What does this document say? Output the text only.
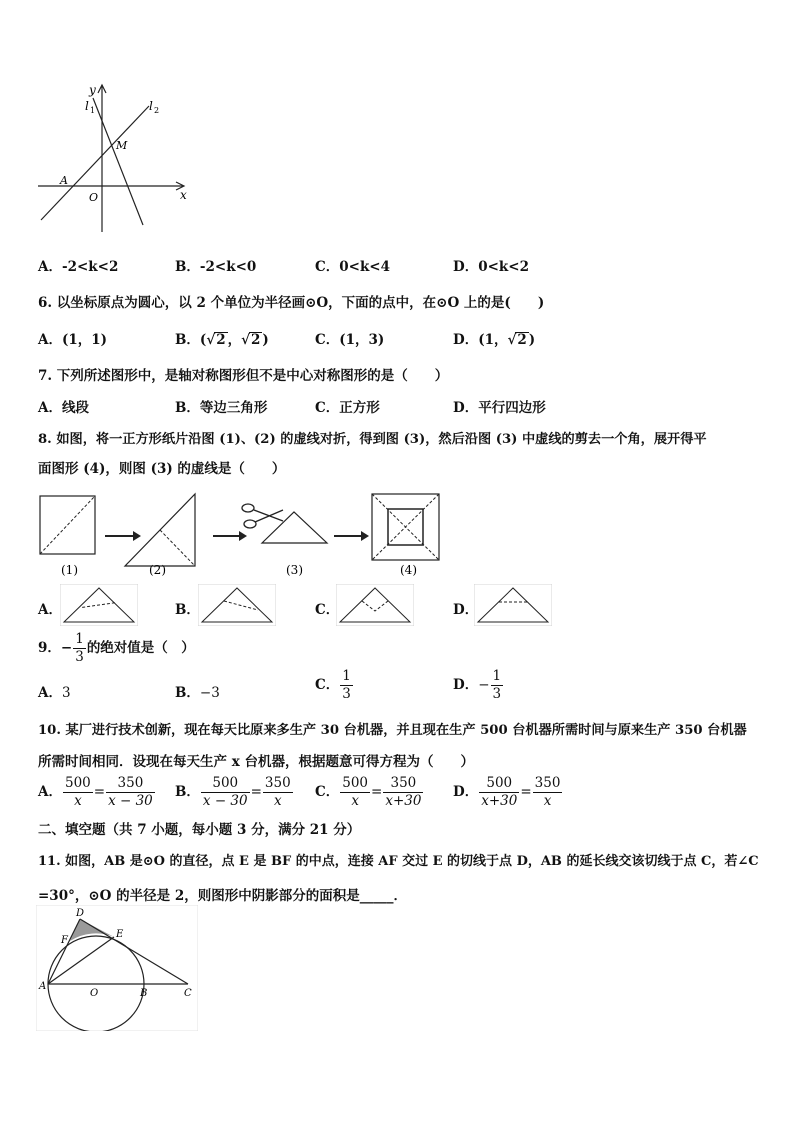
y
x
l 1	l 2
M
A
O
A．-2<k<2	B．-2<k<0	C．0<k<4	D．0<k<2
6. 以坐标原点为圆心，以 2 个单位为半径画⊙O，下面的点中，在⊙O 上的是(　　)
A．(1，1)	B．(√2 ，√2 )	C．(1，3)	D．(1，√2 )
7. 下列所述图形中，是轴对称图形但不是中心对称图形的是（　　）
A．线段	B．等边三角形	C．正方形	D．平行四边形
8. 如图，将一正方形纸片沿图 (1)、(2) 的虚线对折，得到图 (3)，然后沿图 (3) 中虚线的剪去一个角，展开得平
面图形 (4)，则图 (3) 的虚线是（　　）
(1)	(2)	(3)	(4)
A．	B．	C．	D．
9．− $\frac{1}{3}$ 的绝对值是（　）
A．3	B．−3	C． $\frac{1}{3}$	D．− $\frac{1}{3}$
10. 某厂进行技术创新，现在每天比原来多生产 30 台机器，并且现在生产 500 台机器所需时间与原来生产 350 台机器
所需时间相同．设现在每天生产 x 台机器，根据题意可得方程为（　　）
A． $\frac{500}{x} = \frac{350}{x - 30}$ B． $\frac{500}{x - 30} = \frac{350}{x}$ C． $\frac{500}{x} = \frac{350}{x+30}$ D． $\frac{500}{x+30} = \frac{350}{x}$
二、填空题（共 7 小题，每小题 3 分，满分 21 分）
11. 如图，AB 是⊙O 的直径，点 E 是 BF 的中点，连接 AF 交过 E 的切线于点 D，AB 的延长线交该切线于点 C，若∠C
=30°，⊙O 的半径是 2，则图形中阴影部分的面积是_____．
D
F
E
A
O	B	C
